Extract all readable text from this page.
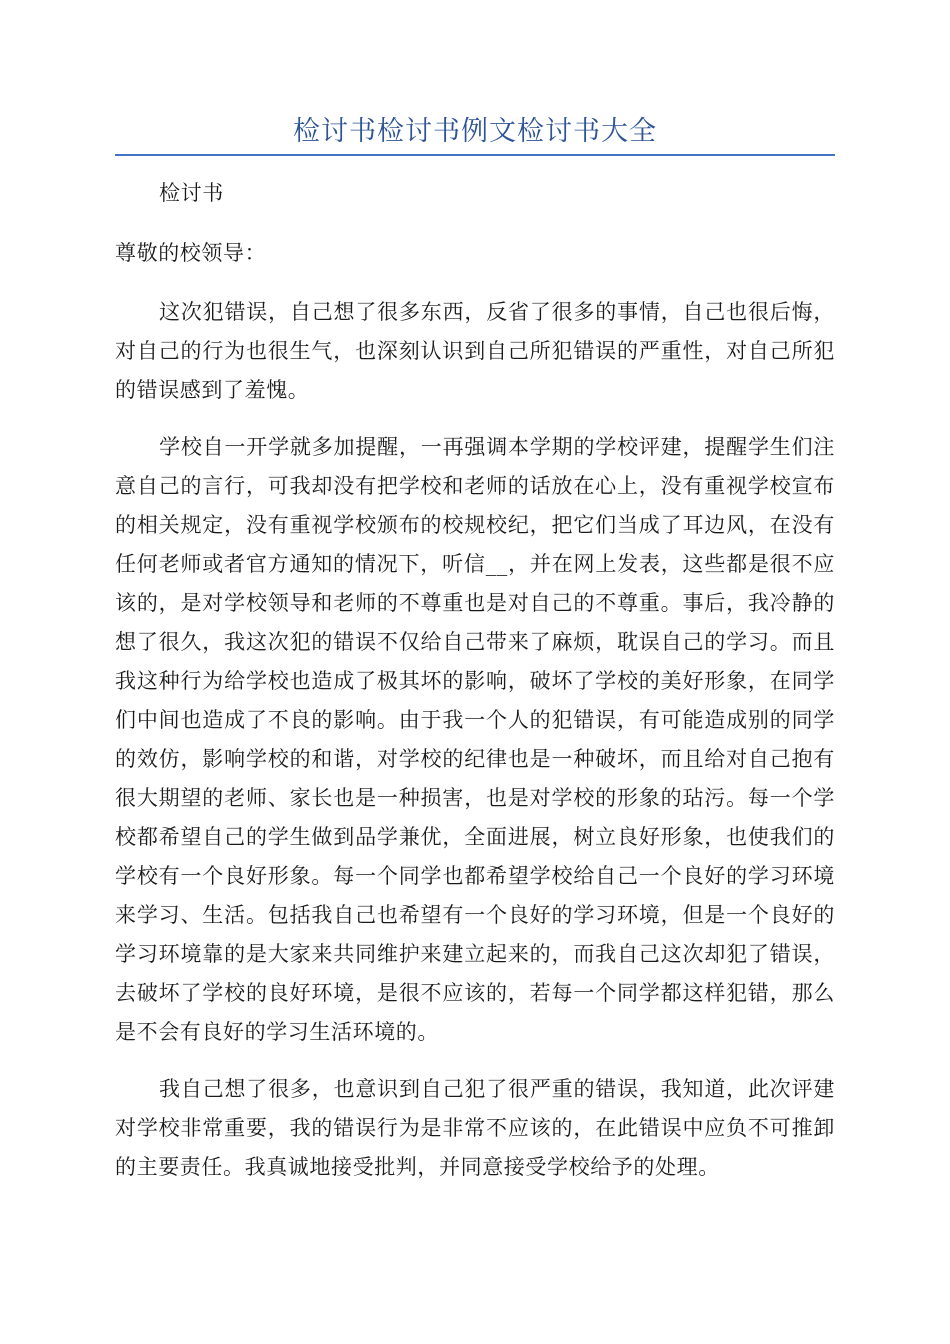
检讨书检讨书例文检讨书大全

检讨书

尊敬的校领导：

这次犯错误，自己想了很多东西，反省了很多的事情，自己也很后悔，对自己的行为也很生气，也深刻认识到自己所犯错误的严重性，对自己所犯的错误感到了羞愧。

学校自一开学就多加提醒，一再强调本学期的学校评建，提醒学生们注意自己的言行，可我却没有把学校和老师的话放在心上，没有重视学校宣布的相关规定，没有重视学校颁布的校规校纪，把它们当成了耳边风，在没有任何老师或者官方通知的情况下，听信__，并在网上发表，这些都是很不应该的，是对学校领导和老师的不尊重也是对自己的不尊重。事后，我冷静的想了很久，我这次犯的错误不仅给自己带来了麻烦，耽误自己的学习。而且我这种行为给学校也造成了极其坏的影响，破坏了学校的美好形象，在同学们中间也造成了不良的影响。由于我一个人的犯错误，有可能造成别的同学的效仿，影响学校的和谐，对学校的纪律也是一种破坏，而且给对自己抱有很大期望的老师、家长也是一种损害，也是对学校的形象的玷污。每一个学校都希望自己的学生做到品学兼优，全面进展，树立良好形象，也使我们的学校有一个良好形象。每一个同学也都希望学校给自己一个良好的学习环境来学习、生活。包括我自己也希望有一个良好的学习环境，但是一个良好的学习环境靠的是大家来共同维护来建立起来的，而我自己这次却犯了错误，去破坏了学校的良好环境，是很不应该的，若每一个同学都这样犯错，那么是不会有良好的学习生活环境的。

我自己想了很多，也意识到自己犯了很严重的错误，我知道，此次评建对学校非常重要，我的错误行为是非常不应该的，在此错误中应负不可推卸的主要责任。我真诚地接受批判，并同意接受学校给予的处理。
